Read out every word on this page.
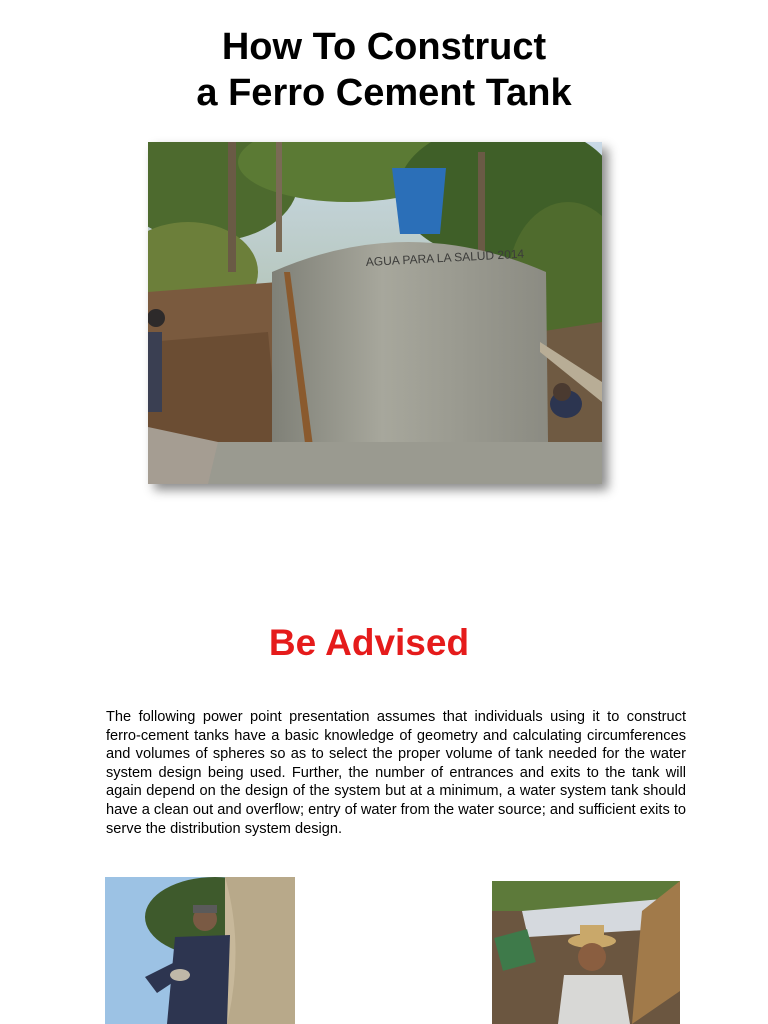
How To Construct
a Ferro Cement Tank
AGUA PARA LA SALUD 2014
Be Advised
The following power point presentation assumes that individuals using it to construct ferro-cement tanks have a basic knowledge of geometry and calculating circumferences and volumes of spheres so as to select the proper volume of tank needed for the water system design being used. Further, the number of entrances and exits to the tank will again depend on the design of the system but at a minimum, a water system tank should have a clean out and overflow; entry of water from the water source; and sufficient exits to serve the distribution system design.
